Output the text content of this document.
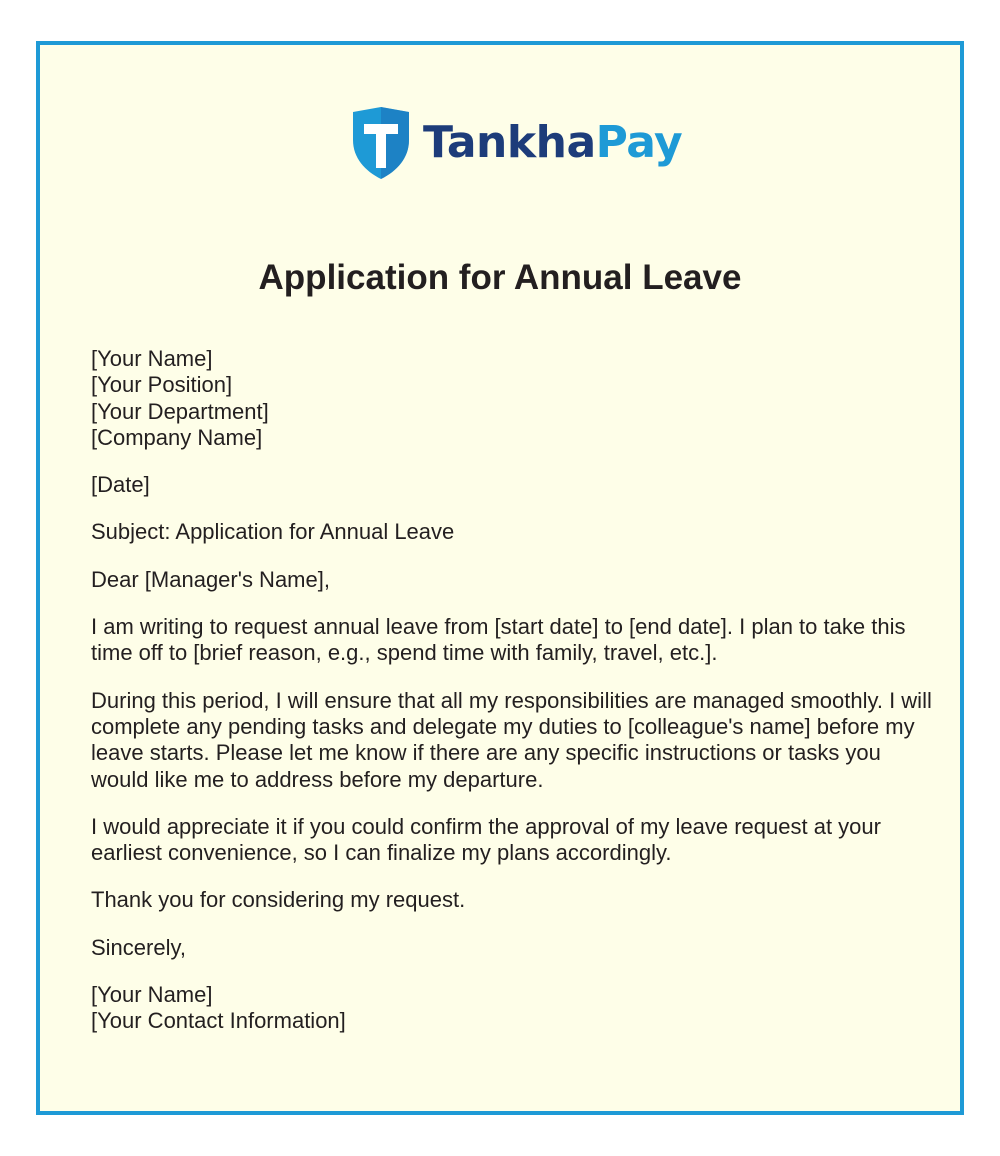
Tankha Pay
Application for Annual Leave

[Your Name]
[Your Position]
[Your Department]
[Company Name]

[Date]

Subject: Application for Annual Leave

Dear [Manager's Name],

I am writing to request annual leave from [start date] to [end date]. I plan to take this time off to [brief reason, e.g., spend time with family, travel, etc.].

During this period, I will ensure that all my responsibilities are managed smoothly. I will complete any pending tasks and delegate my duties to [colleague's name] before my leave starts. Please let me know if there are any specific instructions or tasks you would like me to address before my departure.

I would appreciate it if you could confirm the approval of my leave request at your earliest convenience, so I can finalize my plans accordingly.

Thank you for considering my request.

Sincerely,

[Your Name]
[Your Contact Information]
